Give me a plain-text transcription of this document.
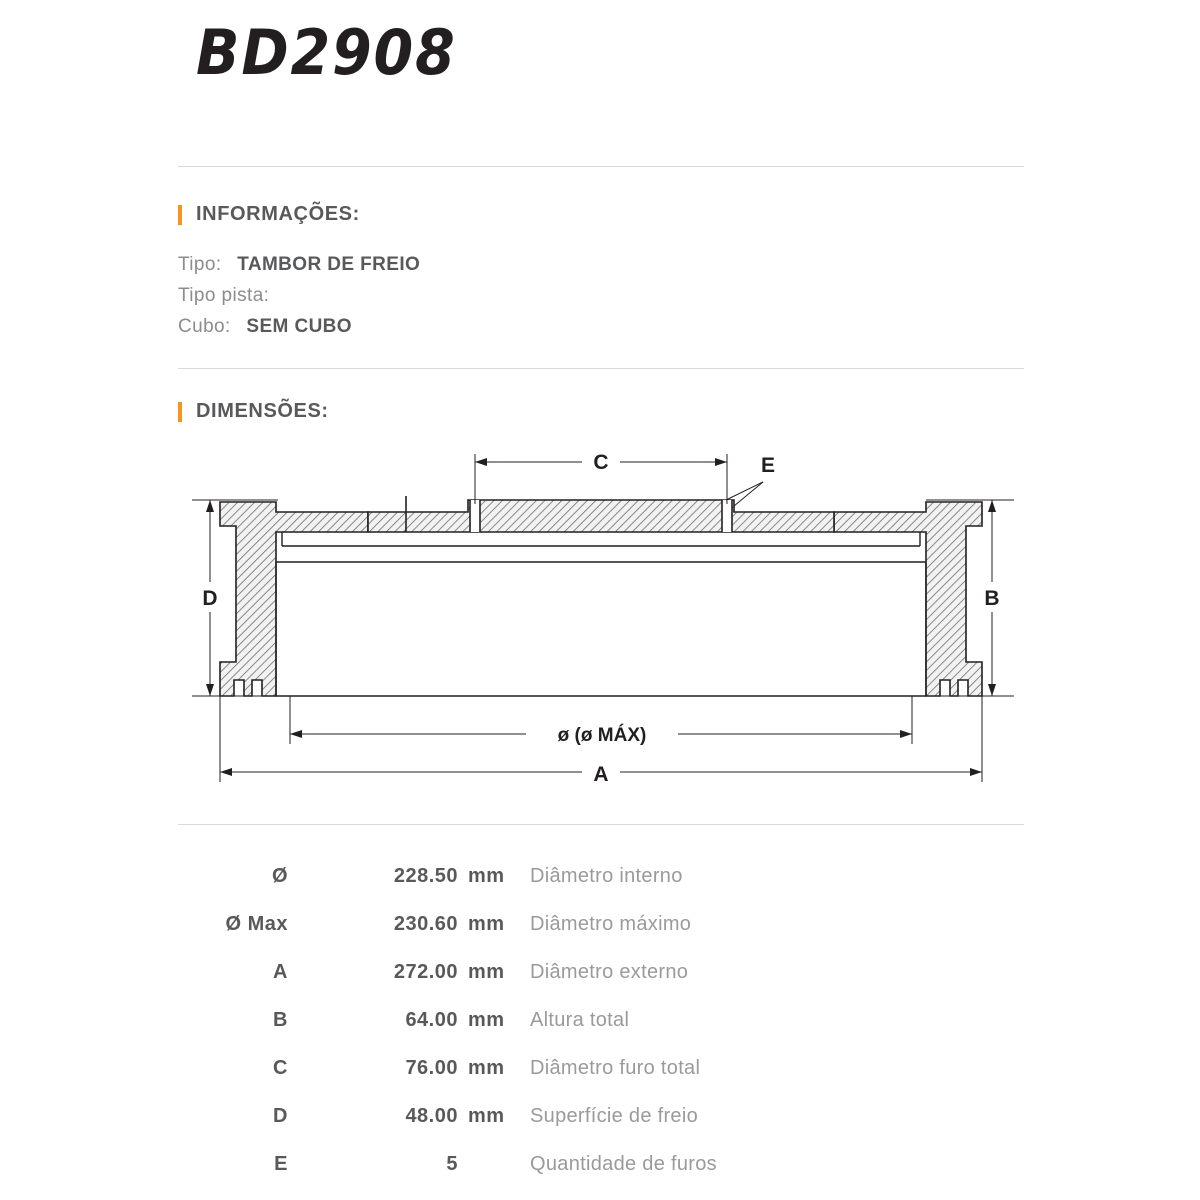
BD2908
INFORMAÇÕES:
Tipo: TAMBOR DE FREIO
Tipo pista:
Cubo: SEM CUBO
DIMENSÕES:
C	E
D	B
ø (ø MÁX)
A
Ø	228.50 mm Diâmetro interno
Ø Max	230.60 mm Diâmetro máximo
A	272.00 mm Diâmetro externo
B	64.00 mm Altura total
C	76.00 mm Diâmetro furo total
D	48.00 mm Superfície de freio
E	5	Quantidade de furos
